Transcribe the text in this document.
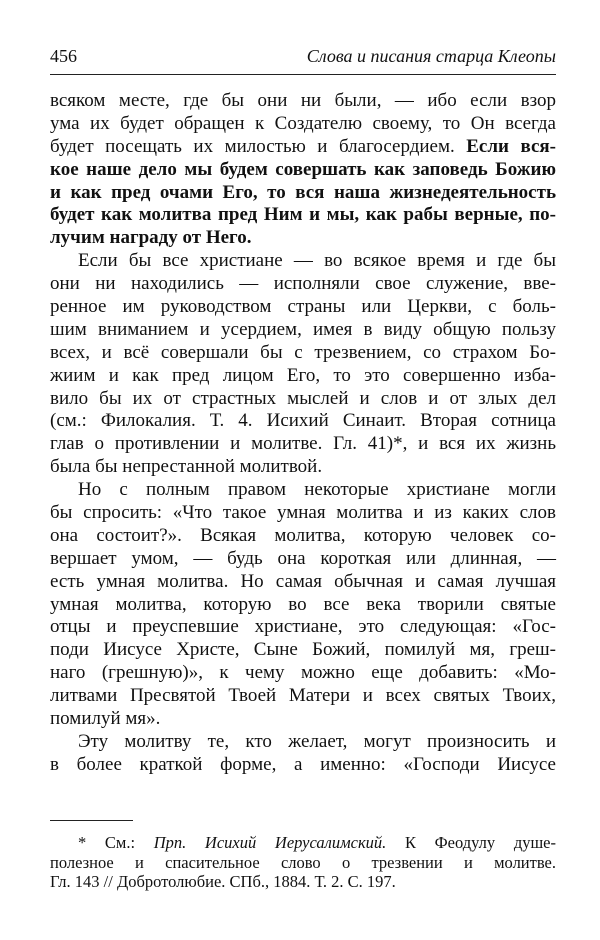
456	Слова и писания старца Клеопы
всяком месте, где бы они ни были, — ибо если взор
ума их будет обращен к Создателю своему, то Он всегда
будет посещать их милостью и благосердием. Если вся-
кое наше дело мы будем совершать как заповедь Божию
и как пред очами Его, то вся наша жизнедеятельность
будет как молитва пред Ним и мы, как рабы верные, по-
лучим награду от Него.
Если бы все христиане — во всякое время и где бы
они ни находились — исполняли свое служение, вве-
ренное им руководством страны или Церкви, с боль-
шим вниманием и усердием, имея в виду общую пользу
всех, и всё совершали бы с трезвением, со страхом Бо-
жиим и как пред лицом Его, то это совершенно изба-
вило бы их от страстных мыслей и слов и от злых дел
(см.: Филокалия. Т. 4. Исихий Синаит. Вторая сотница
глав о противлении и молитве. Гл. 41)*, и вся их жизнь
была бы непрестанной молитвой.
Но с полным правом некоторые христиане могли
бы спросить: «Что такое умная молитва и из каких слов
она состоит?». Всякая молитва, которую человек со-
вершает умом, — будь она короткая или длинная, —
есть умная молитва. Но самая обычная и самая лучшая
умная молитва, которую во все века творили святые
отцы и преуспевшие христиане, это следующая: «Гос-
поди Иисусе Христе, Сыне Божий, помилуй мя, греш-
наго (грешную)», к чему можно еще добавить: «Мо-
литвами Пресвятой Твоей Матери и всех святых Твоих,
помилуй мя».
Эту молитву те, кто желает, могут произносить и
в более краткой форме, а именно: «Господи Иисусе
* См.: Прп. Исихий Иерусалимский. К Феодулу душе-
полезное и спасительное слово о трезвении и молитве.
Гл. 143 // Добротолюбие. СПб., 1884. Т. 2. С. 197.
